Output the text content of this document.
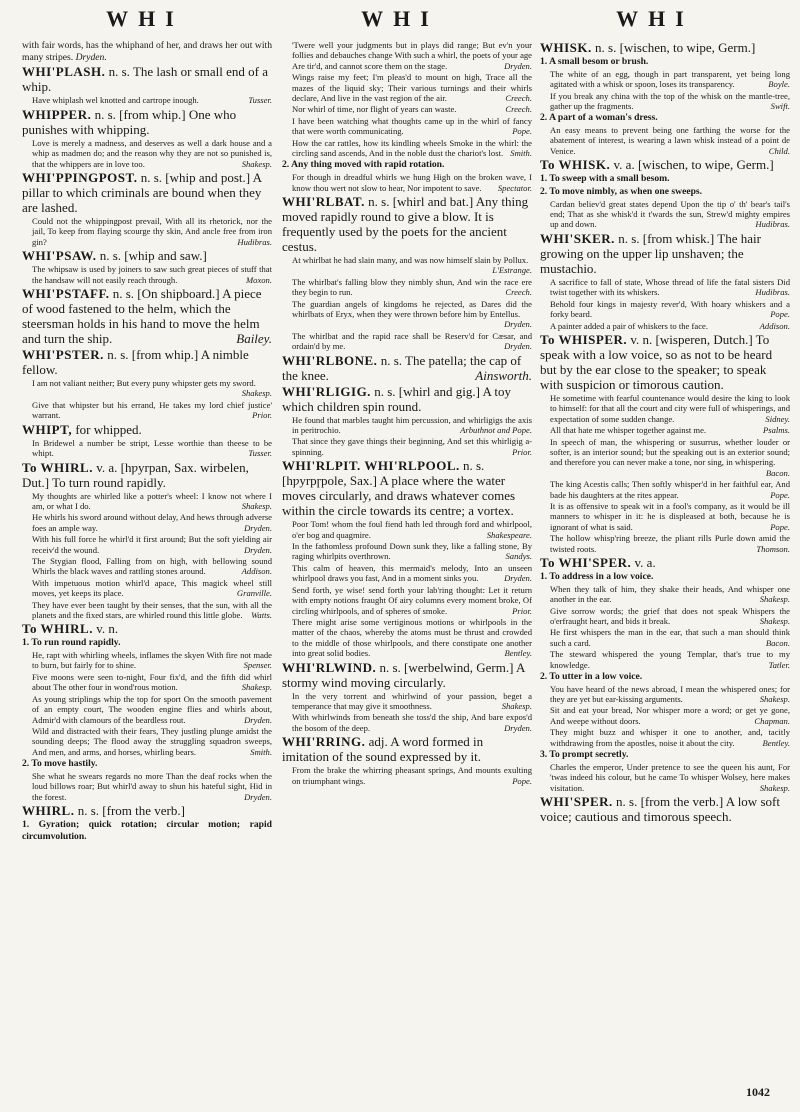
WHI	WHI	WHI
with fair words, has the whiphand of her, and draws her out with many stripes. Dryden.
WHI'PLASH. n. s. The lash or small end of a whip.
Have whiplash wel knotted and cartrope inough.	Tusser.
WHIPPER. n. s. [from whip.] One who punishes with whipping.
Love is merely a madness, and deserves as well a dark house and a whip as madmen do; and the reason why they are not so punished is, that the whippers are in love too.	Shakesp.
WHI'PPINGPOST. n. s. [whip and post.] A pillar to which criminals are bound when they are lashed.
Could not the whippingpost prevail, With all its rhetorick, nor the jail, To keep from flaying scourge thy skin, And ancle free from iron gin?	Hudibras.
WHI'PSAW. n. s. [whip and saw.]
The whipsaw is used by joiners to saw such great pieces of stuff that the handsaw will not easily reach through.	Moxon.
WHI'PSTAFF. n. s. [On shipboard.] A piece of wood fastened to the helm, which the steersman holds in his hand to move the helm and turn the ship.	Bailey.
WHI'PSTER. n. s. [from whip.] A nimble fellow.
I am not valiant neither; But every puny whipster gets my sword.
Shakesp.
Give that whipster but his errand, He takes my lord chief justice' warrant.	Prior.
WHIPT, for whipped.
In Bridewel a number be stript, Lesse worthie than theese to be whipt.	Tusser.
To WHIRL. v. a. [hƿyrpan, Sax. wirbelen, Dut.] To turn round rapidly.
My thoughts are whirled like a potter's wheel: I know not where I am, or what I do.	Shakesp.
He whirls his sword around without delay, And hews through adverse foes an ample way.	Dryden.
With his full force he whirl'd it first around; But the soft yielding air receiv'd the wound.	Dryden.
The Stygian flood, Falling from on high, with bellowing sound Whirls the black waves and rattling stones around.	Addison.
With impetuous motion whirl'd apace, This magick wheel still moves, yet keeps its place.	Granville.
They have ever been taught by their senses, that the sun, with all the planets and the fixed stars, are whirled round this little globe. Watts.
To WHIRL. v. n.
1. To run round rapidly.
He, rapt with whirling wheels, inflames the skyen With fire not made to burn, but fairly for to shine.	Spenser.
Five moons were seen to-night, Four fix'd, and the fifth did whirl about The other four in wond'rous motion.	Shakesp.
As young striplings whip the top for sport On the smooth pavement of an empty court, The wooden engine flies and whirls about, Admir'd with clamours of the beardless rout.	Dryden.
Wild and distracted with their fears, They justling plunge amidst the sounding deeps; The flood away the struggling squadron sweeps, And men, and arms, and horses, whirling bears.	Smith.
2. To move hastily.
She what he swears regards no more Than the deaf rocks when the loud billows roar; But whirl'd away to shun his hateful sight, Hid in the forest.	Dryden.
WHIRL. n. s. [from the verb.]
1. Gyration; quick rotation; circular motion; rapid circumvolution.
'Twere well your judgments but in plays did range; But ev'n your follies and debauches change With such a whirl, the poets of your age Are tir'd, and cannot score them on the stage.	Dryden.
Wings raise my feet; I'm pleas'd to mount on high, Trace all the mazes of the liquid sky; Their various turnings and their whirls declare, And live in the vast region of the air.	Creech.
Nor whirl of time, nor flight of years can waste.	Creech.
I have been watching what thoughts came up in the whirl of fancy that were worth communicating.	Pope.
How the car rattles, how its kindling wheels Smoke in the whirl: the circling sand ascends, And in the noble dust the chariot's lost. Smith.
2. Any thing moved with rapid rotation.
For though in dreadful whirls we hung High on the broken wave, I know thou wert not slow to hear, Nor impotent to save.	Spectator.
WHI'RLBAT. n. s. [whirl and bat.] Any thing moved rapidly round to give a blow. It is frequently used by the poets for the ancient cestus.
At whirlbat he had slain many, and was now himself slain by Pollux.
L'Estrange.
The whirlbat's falling blow they nimbly shun, And win the race ere they begin to run.	Creech.
The guardian angels of kingdoms he rejected, as Dares did the whirlbats of Eryx, when they were thrown before him by Entellus.
Dryden.
The whirlbat and the rapid race shall be Reserv'd for Cæsar, and ordain'd by me.	Dryden.
WHI'RLBONE. n. s. The patella; the cap of the knee.	Ainsworth.
WHI'RLIGIG. n. s. [whirl and gig.] A toy which children spin round.
He found that marbles taught him percussion, and whirligigs the axis in peritrochio.	Arbuthnot and Pope.
That since they gave things their beginning, And set this whirligig a-spinning.	Prior.
WHI'RLPIT. WHI'RLPOOL. n. s. [hƿyrpɼpole, Sax.] A place where the water moves circularly, and draws whatever comes within the circle towards its centre; a vortex.
Poor Tom! whom the foul fiend hath led through ford and whirlpool, o'er bog and quagmire.	Shakespeare.
In the fathomless profound Down sunk they, like a falling stone, By raging whirlpits overthrown.	Sandys.
This calm of heaven, this mermaid's melody, Into an unseen whirlpool draws you fast, And in a moment sinks you.	Dryden.
Send forth, ye wise! send forth your lab'ring thought: Let it return with empty notions fraught Of airy columns every moment broke, Of circling whirlpools, and of spheres of smoke.	Prior.
There might arise some vertiginous motions or whirlpools in the matter of the chaos, whereby the atoms must be thrust and crowded to the middle of those whirlpools, and there constipate one another into great solid bodies.	Bentley.
WHI'RLWIND. n. s. [werbelwind, Germ.] A stormy wind moving circularly.
In the very torrent and whirlwind of your passion, beget a temperance that may give it smoothness.	Shakesp.
With whirlwinds from beneath she toss'd the ship, And bare expos'd the bosom of the deep.	Dryden.
WHI'RRING. adj. A word formed in imitation of the sound expressed by it.
From the brake the whirring pheasant springs, And mounts exulting on triumphant wings.	Pope.
WHISK. n. s. [wischen, to wipe, Germ.]
1. A small besom or brush.
The white of an egg, though in part transparent, yet being long agitated with a whisk or spoon, loses its transparency.	Boyle.
If you break any china with the top of the whisk on the mantle-tree, gather up the fragments.	Swift.
2. A part of a woman's dress.
An easy means to prevent being one farthing the worse for the abatement of interest, is wearing a lawn whisk instead of a point de Venice.	Child.
To WHISK. v. a. [wischen, to wipe, Germ.]
1. To sweep with a small besom.
2. To move nimbly, as when one sweeps.
Cardan believ'd great states depend Upon the tip o' th' bear's tail's end; That as she whisk'd it t'wards the sun, Strew'd mighty empires up and down.	Hudibras.
WHI'SKER. n. s. [from whisk.] The hair growing on the upper lip unshaven; the mustachio.
A sacrifice to fall of state, Whose thread of life the fatal sisters Did twist together with its whiskers.	Hudibras.
Behold four kings in majesty rever'd, With hoary whiskers and a forky beard.	Pope.
A painter added a pair of whiskers to the face.	Addison.
To WHISPER. v. n. [wisperen, Dutch.] To speak with a low voice, so as not to be heard but by the ear close to the speaker; to speak with suspicion or timorous caution.
He sometime with fearful countenance would desire the king to look to himself: for that all the court and city were full of whisperings, and expectation of some sudden change.	Sidney.
All that hate me whisper together against me.	Psalms.
In speech of man, the whispering or susurrus, whether louder or softer, is an interior sound; but the speaking out is an exterior sound; and therefore you can never make a tone, nor sing, in whispering.
Bacon.
The king Acestis calls; Then softly whisper'd in her faithful ear, And bade his daughters at the rites appear.	Pope.
It is as offensive to speak wit in a fool's company, as it would be ill manners to whisper in it: he is displeased at both, because he is ignorant of what is said.	Pope.
The hollow whisp'ring breeze, the pliant rills Purle down amid the twisted roots.	Thomson.
To WHI'SPER. v. a.
1. To address in a low voice.
When they talk of him, they shake their heads, And whisper one another in the ear.	Shakesp.
Give sorrow words; the grief that does not speak Whispers the o'erfraught heart, and bids it break.	Shakesp.
He first whispers the man in the ear, that such a man should think such a card.	Bacon.
The steward whispered the young Templar, that's true to my knowledge.	Tatler.
2. To utter in a low voice.
You have heard of the news abroad, I mean the whispered ones; for they are yet but ear-kissing arguments.	Shakesp.
Sit and eat your bread, Nor whisper more a word; or get ye gone, And weepe without doors.	Chapman.
They might buzz and whisper it one to another, and, tacitly withdrawing from the apostles, noise it about the city.	Bentley.
3. To prompt secretly.
Charles the emperor, Under pretence to see the queen his aunt, For 'twas indeed his colour, but he came To whisper Wolsey, here makes visitation.	Shakesp.
WHI'SPER. n. s. [from the verb.] A low soft voice; cautious and timorous speech.
1042
